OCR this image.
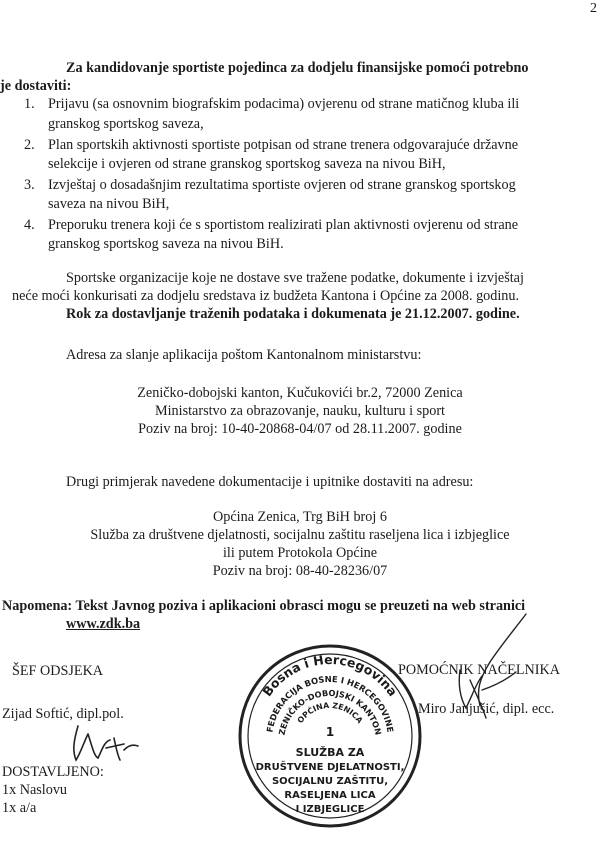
2
Za kandidovanje sportiste pojedinca za dodjelu finansijske pomoći potrebno
je dostaviti:
1. Prijavu (sa osnovnim biografskim podacima) ovjerenu od strane matičnog kluba ili
granskog sportskog saveza,
2. Plan sportskih aktivnosti sportiste potpisan od strane trenera odgovarajuće državne
selekcije i ovjeren od strane granskog sportskog saveza na nivou BiH,
3. Izvještaj o dosadašnjim rezultatima sportiste ovjeren od strane granskog sportskog
saveza na nivou BiH,
4. Preporuku trenera koji će s sportistom realizirati plan aktivnosti ovjerenu od strane
granskog sportskog saveza na nivou BiH.
Sportske organizacije koje ne dostave sve tražene podatke, dokumente i izvještaj
neće moći konkurisati za dodjelu sredstava iz budžeta Kantona i Općine za 2008. godinu.
Rok za dostavljanje traženih podataka i dokumenata je 21.12.2007. godine.
Adresa za slanje aplikacija poštom Kantonalnom ministarstvu:
Zeničko-dobojski kanton, Kučukovići br.2, 72000 Zenica
Ministarstvo za obrazovanje, nauku, kulturu i sport
Poziv na broj: 10-40-20868-04/07 od 28.11.2007. godine
Drugi primjerak navedene dokumentacije i upitnike dostaviti na adresu:
Općina Zenica, Trg BiH broj 6
Služba za društvene djelatnosti, socijalnu zaštitu raseljena lica i izbjeglice
ili putem Protokola Općine
Poziv na broj: 08-40-28236/07
Napomena: Tekst Javnog poziva i aplikacioni obrasci mogu se preuzeti na web stranici
www.zdk.ba
ŠEF ODSJEKA
Zijad Softić, dipl.pol.
POMOĆNIK NAČELNIKA
Miro Janjušić, dipl. ecc.
DOSTAVLJENO:
1x Naslovu
1x a/a
Bosna i Hercegovina
FEDERACIJA BOSNE I HERCEGOVINE
ZENIČKO-DOBOJSKI KANTON
OPĆINA ZENICA
1
SLUŽBA ZA
DRUŠTVENE DJELATNOSTI,
SOCIJALNU ZAŠTITU,
RASELJENA LICA
I IZBJEGLICE
